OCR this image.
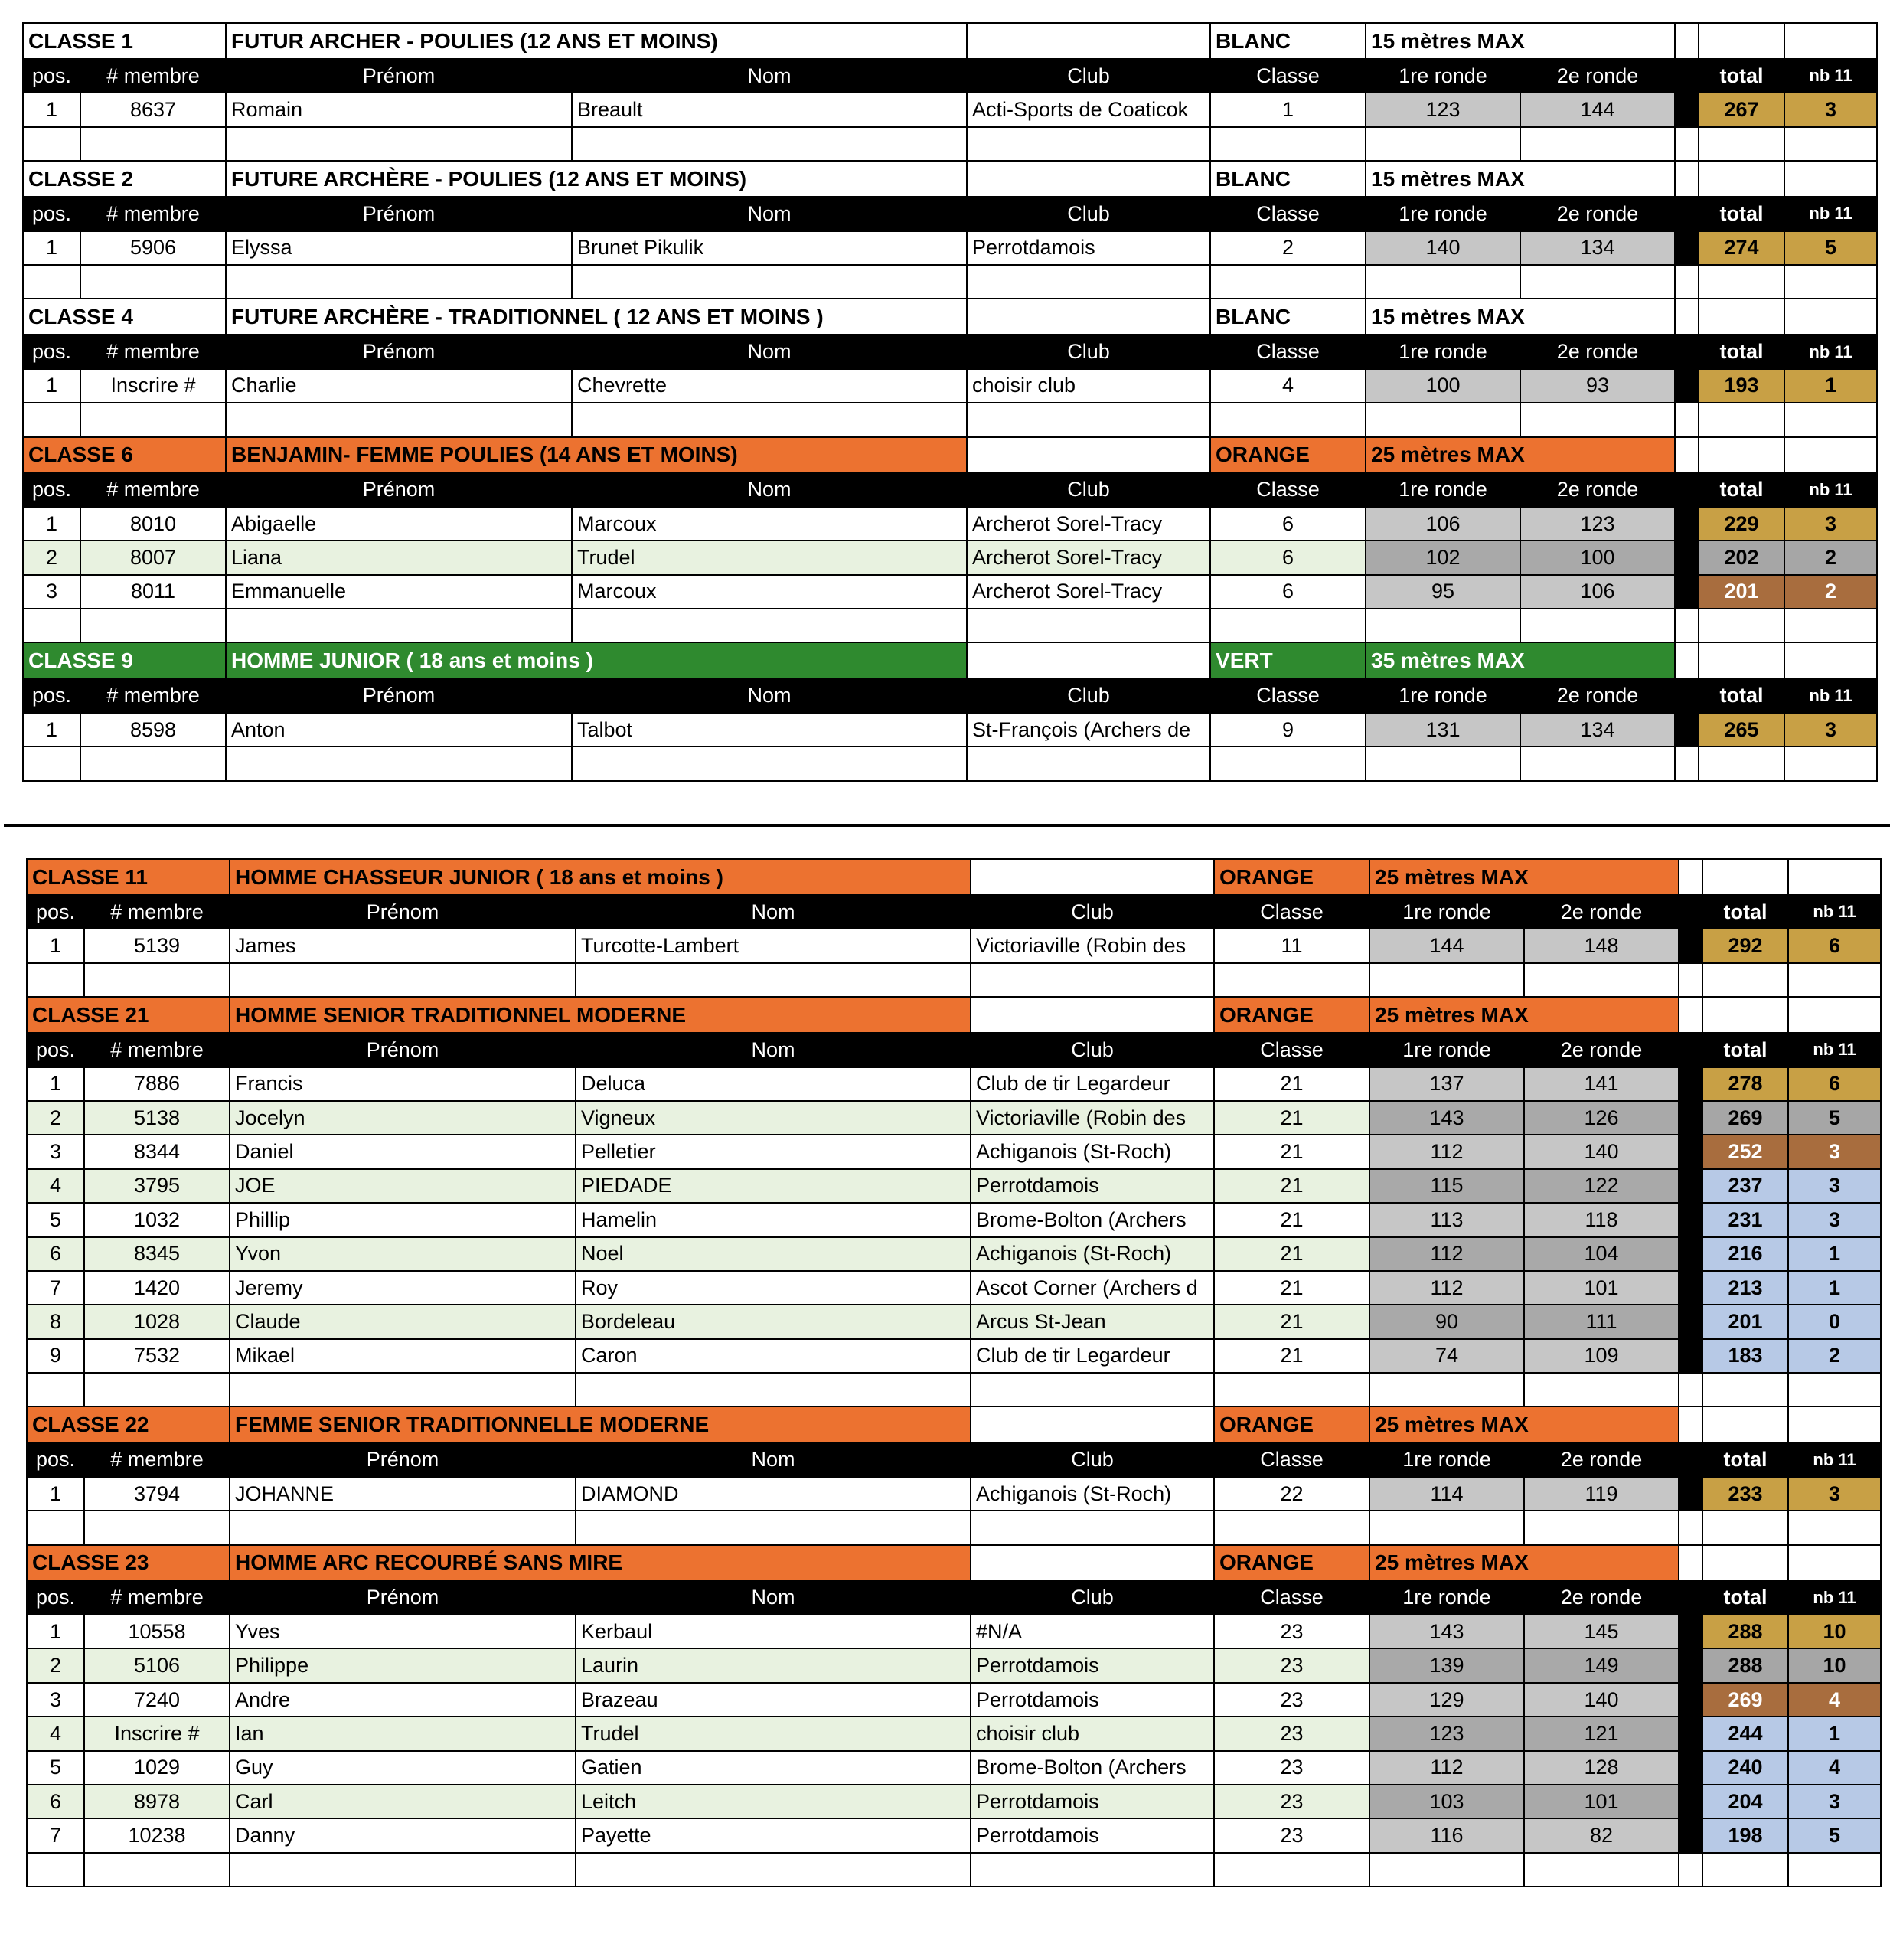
CLASSE 1		FUTUR ARCHER - POULIES (12 ANS ET MOINS)			BLANC	15 mètres MAX				
pos.	# membre	Prénom	Nom	Club	Classe	1re ronde	2e ronde		total	nb 11
1	8637	Romain	Breault	Acti-Sports de Coaticok	1	123	144		267	3

CLASSE 2		FUTURE ARCHÈRE - POULIES (12 ANS ET MOINS)			BLANC	15 mètres MAX				
pos.	# membre	Prénom	Nom	Club	Classe	1re ronde	2e ronde		total	nb 11
1	5906	Elyssa	Brunet Pikulik	Perrotdamois	2	140	134		274	5

CLASSE 4		FUTURE ARCHÈRE - TRADITIONNEL ( 12 ANS ET MOINS )			BLANC	15 mètres MAX				
pos.	# membre	Prénom	Nom	Club	Classe	1re ronde	2e ronde		total	nb 11
1	Inscrire #	Charlie	Chevrette	choisir club	4	100	93		193	1

CLASSE 6		BENJAMIN- FEMME POULIES (14 ANS ET MOINS)			ORANGE	25 mètres MAX				
pos.	# membre	Prénom	Nom	Club	Classe	1re ronde	2e ronde		total	nb 11
1	8010	Abigaelle	Marcoux	Archerot Sorel-Tracy	6	106	123		229	3
2	8007	Liana	Trudel	Archerot Sorel-Tracy	6	102	100		202	2
3	8011	Emmanuelle	Marcoux	Archerot Sorel-Tracy	6	95	106		201	2

CLASSE 9		HOMME JUNIOR ( 18 ans et moins )			VERT	35 mètres MAX				
pos.	# membre	Prénom	Nom	Club	Classe	1re ronde	2e ronde		total	nb 11
1	8598	Anton	Talbot	St-François (Archers de	9	131	134		265	3

CLASSE 11		HOMME CHASSEUR JUNIOR ( 18 ans et moins )			ORANGE	25 mètres MAX				
pos.	# membre	Prénom	Nom	Club	Classe	1re ronde	2e ronde		total	nb 11
1	5139	James	Turcotte-Lambert	Victoriaville (Robin des	11	144	148		292	6

CLASSE 21		HOMME SENIOR TRADITIONNEL MODERNE			ORANGE	25 mètres MAX				
pos.	# membre	Prénom	Nom	Club	Classe	1re ronde	2e ronde		total	nb 11
1	7886	Francis	Deluca	Club de tir Legardeur	21	137	141		278	6
2	5138	Jocelyn	Vigneux	Victoriaville (Robin des	21	143	126		269	5
3	8344	Daniel	Pelletier	Achiganois (St-Roch)	21	112	140		252	3
4	3795	JOE	PIEDADE	Perrotdamois	21	115	122		237	3
5	1032	Phillip	Hamelin	Brome-Bolton (Archers	21	113	118		231	3
6	8345	Yvon	Noel	Achiganois (St-Roch)	21	112	104		216	1
7	1420	Jeremy	Roy	Ascot Corner (Archers d	21	112	101		213	1
8	1028	Claude	Bordeleau	Arcus St-Jean	21	90	111		201	0
9	7532	Mikael	Caron	Club de tir Legardeur	21	74	109		183	2

CLASSE 22		FEMME SENIOR TRADITIONNELLE MODERNE			ORANGE	25 mètres MAX				
pos.	# membre	Prénom	Nom	Club	Classe	1re ronde	2e ronde		total	nb 11
1	3794	JOHANNE	DIAMOND	Achiganois (St-Roch)	22	114	119		233	3

CLASSE 23		HOMME ARC RECOURBÉ SANS MIRE			ORANGE	25 mètres MAX				
pos.	# membre	Prénom	Nom	Club	Classe	1re ronde	2e ronde		total	nb 11
1	10558	Yves	Kerbaul	#N/A	23	143	145		288	10
2	5106	Philippe	Laurin	Perrotdamois	23	139	149		288	10
3	7240	Andre	Brazeau	Perrotdamois	23	129	140		269	4
4	Inscrire #	Ian	Trudel	choisir club	23	123	121		244	1
5	1029	Guy	Gatien	Brome-Bolton (Archers	23	112	128		240	4
6	8978	Carl	Leitch	Perrotdamois	23	103	101		204	3
7	10238	Danny	Payette	Perrotdamois	23	116	82		198	5
